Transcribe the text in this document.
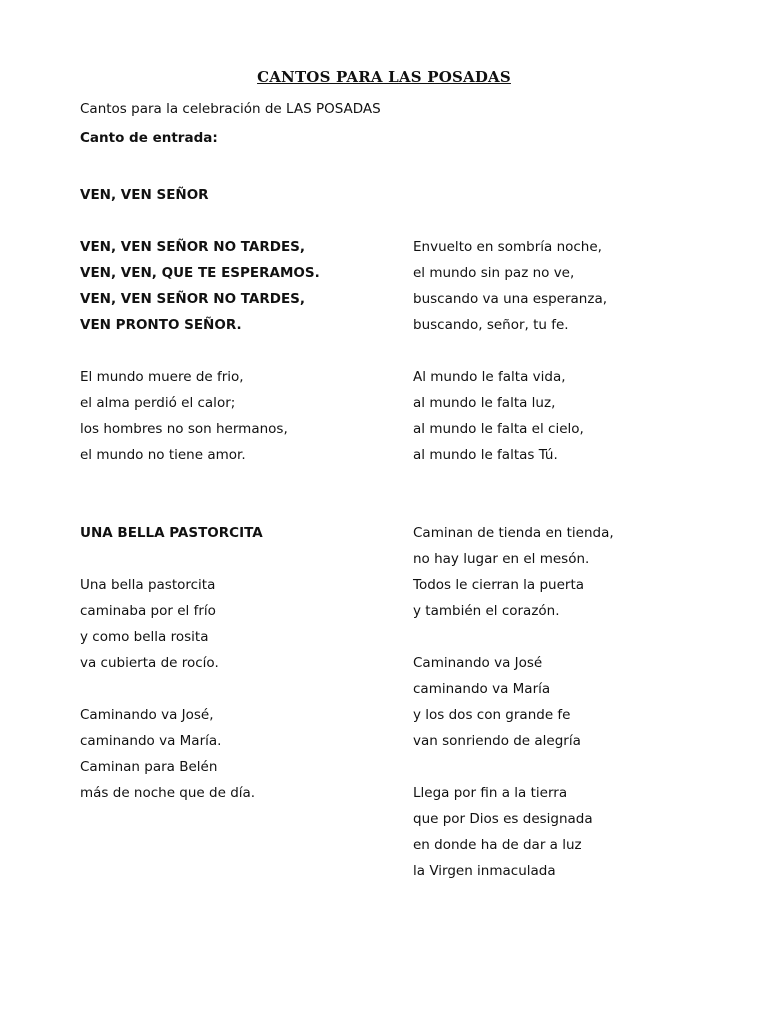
CANTOS PARA LAS POSADAS
Cantos para la celebración de LAS POSADAS
Canto de entrada:
VEN, VEN SEÑOR
VEN, VEN SEÑOR NO TARDES,
VEN, VEN, QUE TE ESPERAMOS.
VEN, VEN SEÑOR NO TARDES,
VEN PRONTO SEÑOR.
Envuelto en sombría noche,
el mundo sin paz no ve,
buscando va una esperanza,
buscando, señor, tu fe.
El mundo muere de frio,
el alma perdió el calor;
los hombres no son hermanos,
el mundo no tiene amor.
Al mundo le falta vida,
al mundo le falta luz,
al mundo le falta el cielo,
al mundo le faltas Tú.
UNA BELLA PASTORCITA	Caminan de tienda en tienda,
no hay lugar en el mesón.
Todos le cierran la puerta
y también el corazón.
Una bella pastorcita
caminaba por el frío
y como bella rosita
va cubierta de rocío.	Caminando va José
caminando va María
y los dos con grande fe
van sonriendo de alegría
Caminando va José,
caminando va María.
Caminan para Belén
más de noche que de día.	Llega por fin a la tierra
que por Dios es designada
en donde ha de dar a luz
la Virgen inmaculada
